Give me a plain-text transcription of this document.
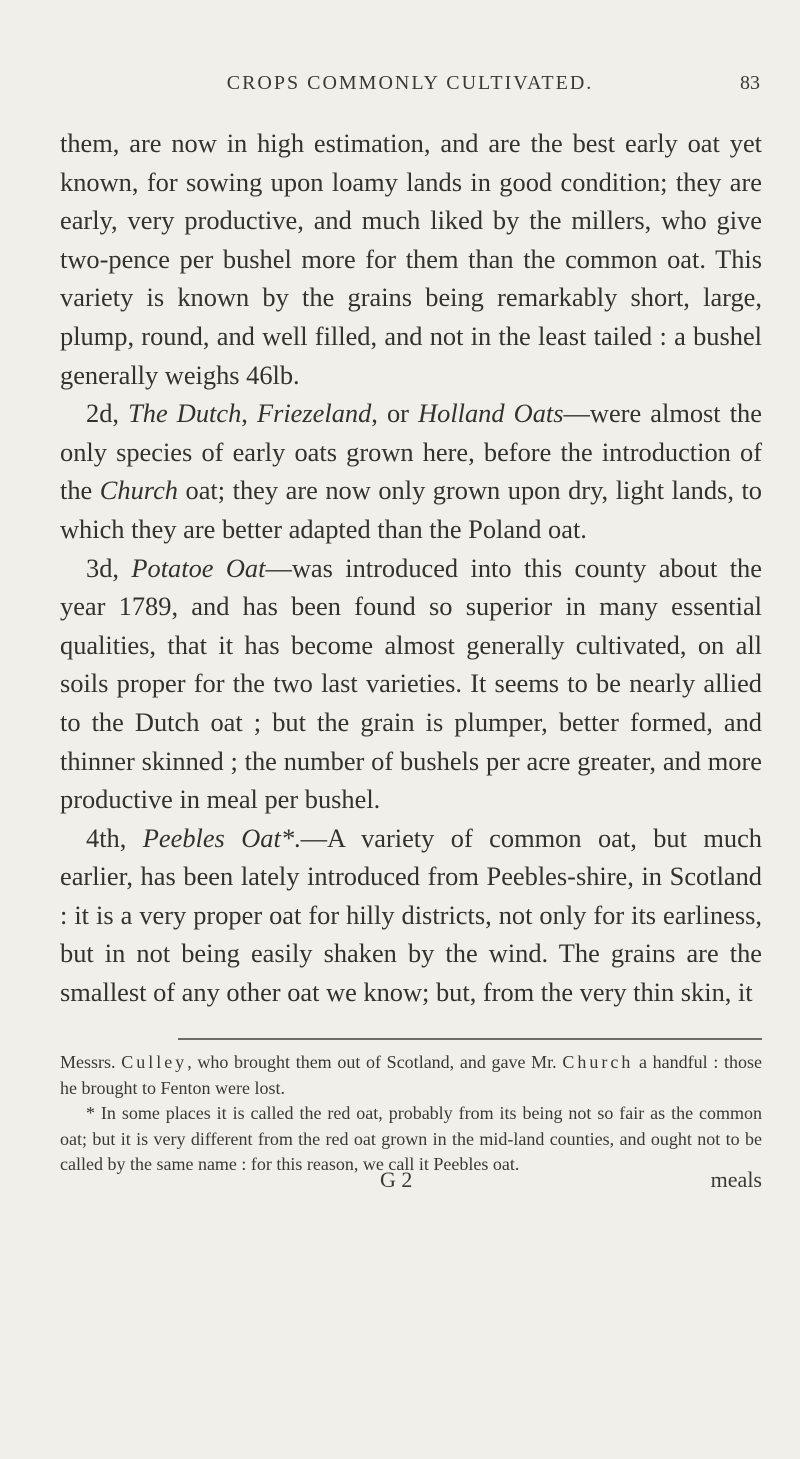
CROPS COMMONLY CULTIVATED.	83

them, are now in high estimation, and are the best early oat yet known, for sowing upon loamy lands in good condition; they are early, very productive, and much liked by the millers, who give two-pence per bushel more for them than the common oat. This variety is known by the grains being remarkably short, large, plump, round, and well filled, and not in the least tailed : a bushel generally weighs 46lb.

2d, The Dutch, Friezeland, or Holland Oats—were almost the only species of early oats grown here, before the introduction of the Church oat; they are now only grown upon dry, light lands, to which they are better adapted than the Poland oat.

3d, Potatoe Oat—was introduced into this county about the year 1789, and has been found so superior in many essential qualities, that it has become almost generally cultivated, on all soils proper for the two last varieties. It seems to be nearly allied to the Dutch oat ; but the grain is plumper, better formed, and thinner skinned ; the number of bushels per acre greater, and more productive in meal per bushel.

4th, Peebles Oat*.—A variety of common oat, but much earlier, has been lately introduced from Peebles-shire, in Scotland : it is a very proper oat for hilly districts, not only for its earliness, but in not being easily shaken by the wind. The grains are the smallest of any other oat we know; but, from the very thin skin, it

Messrs. Culley, who brought them out of Scotland, and gave Mr. Church a handful : those he brought to Fenton were lost.

* In some places it is called the red oat, probably from its being not so fair as the common oat; but it is very different from the red oat grown in the mid-land counties, and ought not to be called by the same name : for this reason, we call it Peebles oat.

G 2	meals
